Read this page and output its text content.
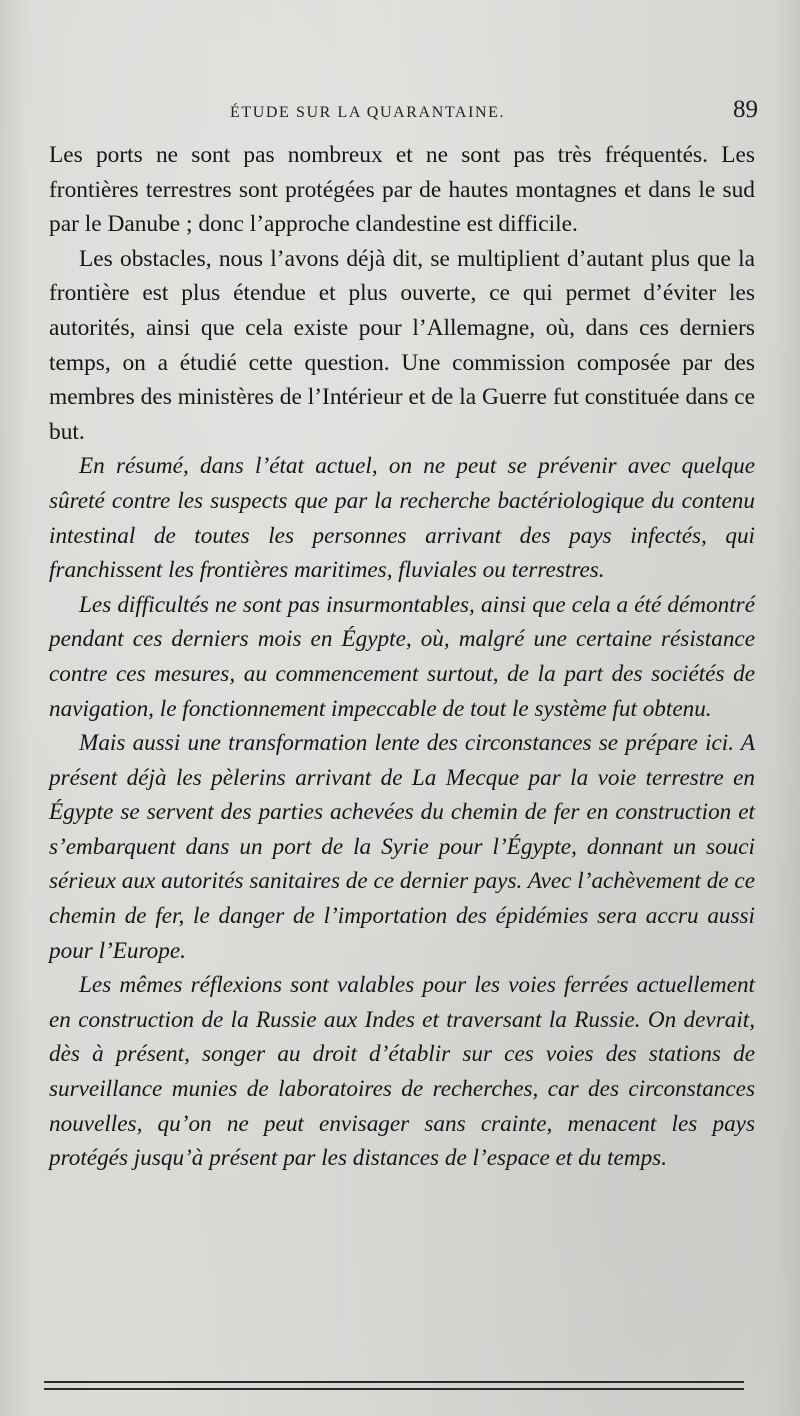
ÉTUDE SUR LA QUARANTAINE.	89

Les ports ne sont pas nombreux et ne sont pas très fréquentés. Les frontières terrestres sont protégées par de hautes montagnes et dans le sud par le Danube ; donc l’approche clandestine est difficile.

Les obstacles, nous l’avons déjà dit, se multiplient d’autant plus que la frontière est plus étendue et plus ouverte, ce qui permet d’éviter les autorités, ainsi que cela existe pour l’Allemagne, où, dans ces derniers temps, on a étudié cette question. Une commission composée par des membres des ministères de l’Intérieur et de la Guerre fut constituée dans ce but.

En résumé, dans l’état actuel, on ne peut se prévenir avec quelque sûreté contre les suspects que par la recherche bactériologique du contenu intestinal de toutes les personnes arrivant des pays infectés, qui franchissent les frontières maritimes, fluviales ou terrestres.

Les difficultés ne sont pas insurmontables, ainsi que cela a été démontré pendant ces derniers mois en Égypte, où, malgré une certaine résistance contre ces mesures, au commencement surtout, de la part des sociétés de navigation, le fonctionnement impeccable de tout le système fut obtenu.

Mais aussi une transformation lente des circonstances se prépare ici. A présent déjà les pèlerins arrivant de La Mecque par la voie terrestre en Égypte se servent des parties achevées du chemin de fer en construction et s’embarquent dans un port de la Syrie pour l’Égypte, donnant un souci sérieux aux autorités sanitaires de ce dernier pays. Avec l’achèvement de ce chemin de fer, le danger de l’importation des épidémies sera accru aussi pour l’Europe.

Les mêmes réflexions sont valables pour les voies ferrées actuellement en construction de la Russie aux Indes et traversant la Russie. On devrait, dès à présent, songer au droit d’établir sur ces voies des stations de surveillance munies de laboratoires de recherches, car des circonstances nouvelles, qu’on ne peut envisager sans crainte, menacent les pays protégés jusqu’à présent par les distances de l’espace et du temps.
